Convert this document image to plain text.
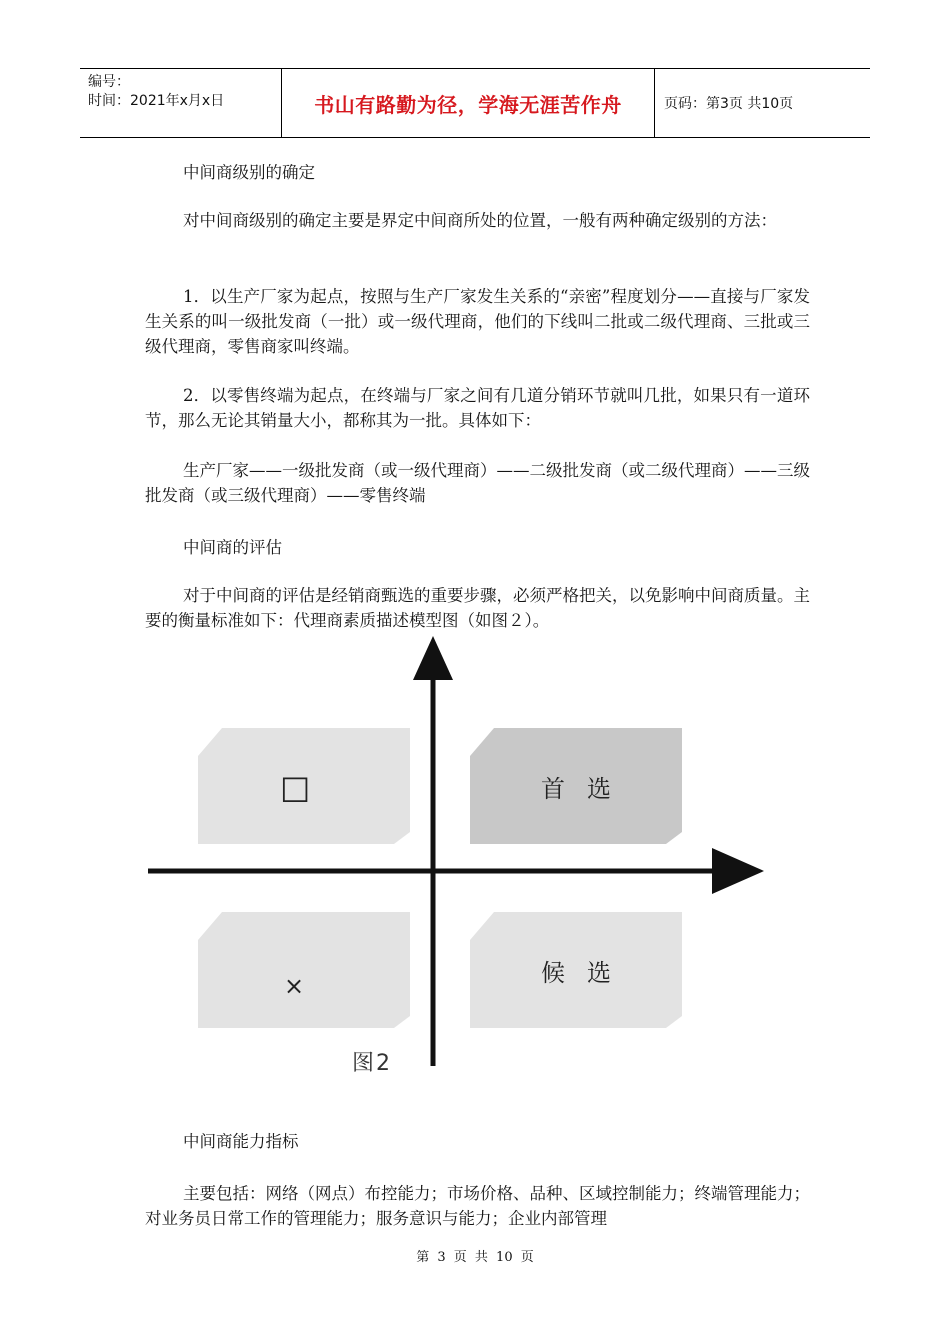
编号：
时间：2021年x月x日	书山有路勤为径，学海无涯苦作舟	页码：第3页 共10页
中间商级别的确定
对中间商级别的确定主要是界定中间商所处的位置，一般有两种确定级别的方法：
1．以生产厂家为起点，按照与生产厂家发生关系的“亲密”程度划分——直接与厂家发生关系的叫一级批发商（一批）或一级代理商，他们的下线叫二批或二级代理商、三批或三级代理商，零售商家叫终端。
2．以零售终端为起点，在终端与厂家之间有几道分销环节就叫几批，如果只有一道环节，那么无论其销量大小，都称其为一批。具体如下：
生产厂家——一级批发商（或一级代理商）——二级批发商（或二级代理商）——三级批发商（或三级代理商）——零售终端
中间商的评估
对于中间商的评估是经销商甄选的重要步骤，必须严格把关，以免影响中间商质量。主要的衡量标准如下：代理商素质描述模型图（如图２）。
□	首选
×	候选
图2
中间商能力指标
主要包括：网络（网点）布控能力；市场价格、品种、区域控制能力；终端管理能力；对业务员日常工作的管理能力；服务意识与能力；企业内部管理
第 3 页 共 10 页
